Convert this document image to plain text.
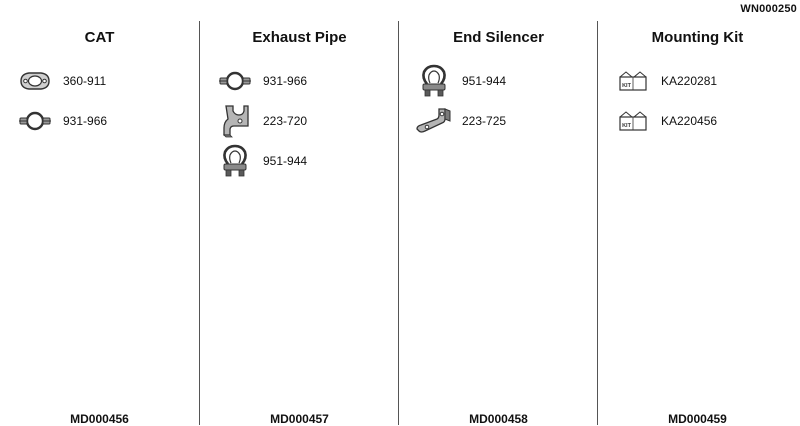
WN000250
CAT
360-911
931-966
MD000456
Exhaust Pipe
931-966
223-720
951-944
MD000457
End Silencer
951-944
223-725
MD000458
Mounting Kit
KIT	KA220281
KIT	KA220456
MD000459
